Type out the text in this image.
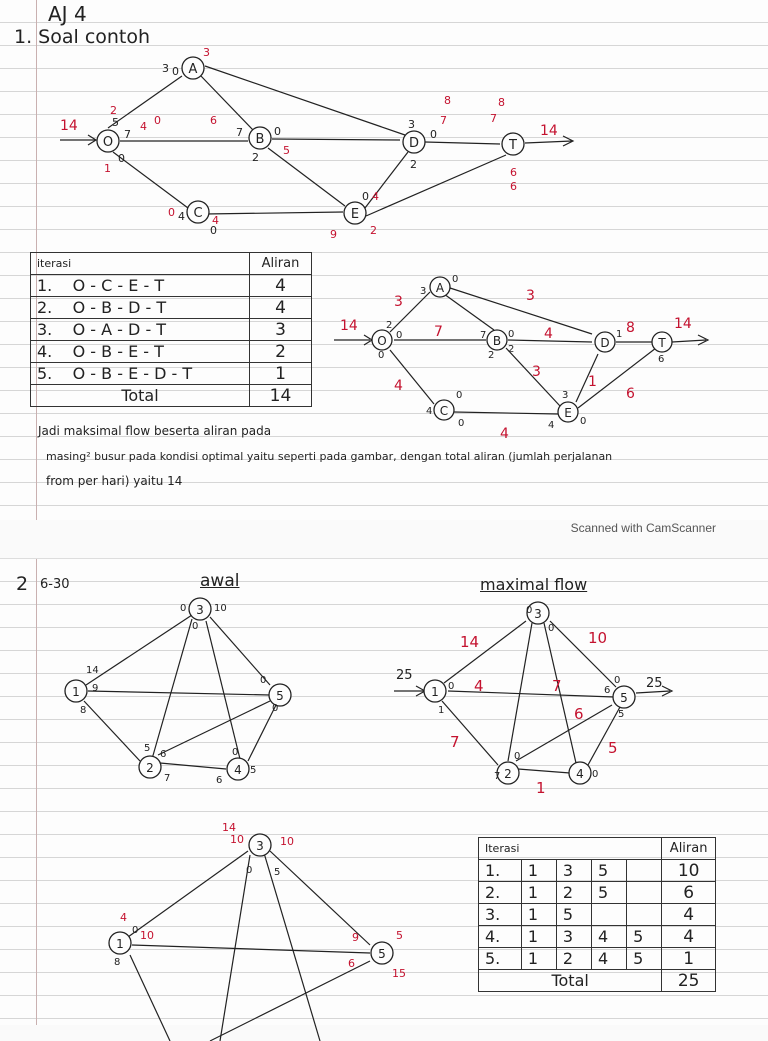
AJ 4
1. Soal contoh
O
A
B
C
D
E
T
14	14
3 0
5
7
0
7	0
2
3
0
2
0
4
0
3
2
4 0	6
1
0
4
5
8
7
6
9
4
6
7
2
8
iterasi	Aliran
1. O - C - E - T	4
2. O - B - D - T	4
3. O - A - D - T	3
4. O - B - E - T	2
5. O - B - E - D - T	1
Total	14
O
A
B
C
D
E
T
3
7
4
4
3
1
6
8	14
4
3
14
3
0
2
0
0
0
7
2
2
4
1
6
0
0
3
4	0
Jadi maksimal flow beserta aliran pada
masing² busur pada kondisi optimal yaitu seperti pada gambar, dengan total aliran (jumlah perjalanan
from per hari) yaitu 14
Scanned with CamScanner
2 6-30	awal	maximal flow
1
2
3
4
5
0	10
14
9
0
8
5
6
7	6
5
0
0
0
1
2
3
4
5
25
25
14
4
7
6
5
10
1
7
0
0
7
0
1
6
0
0
5
0
1
3
5
14
10	10
4
10	9
6
5
15
0
8
5
0
Iterasi					Aliran
1.	1	3	5		10
2.	1	2	5		6
3.	1	5			4
4.	1	3	4	5	4
5.	1	2	4	5	1
Total					25
